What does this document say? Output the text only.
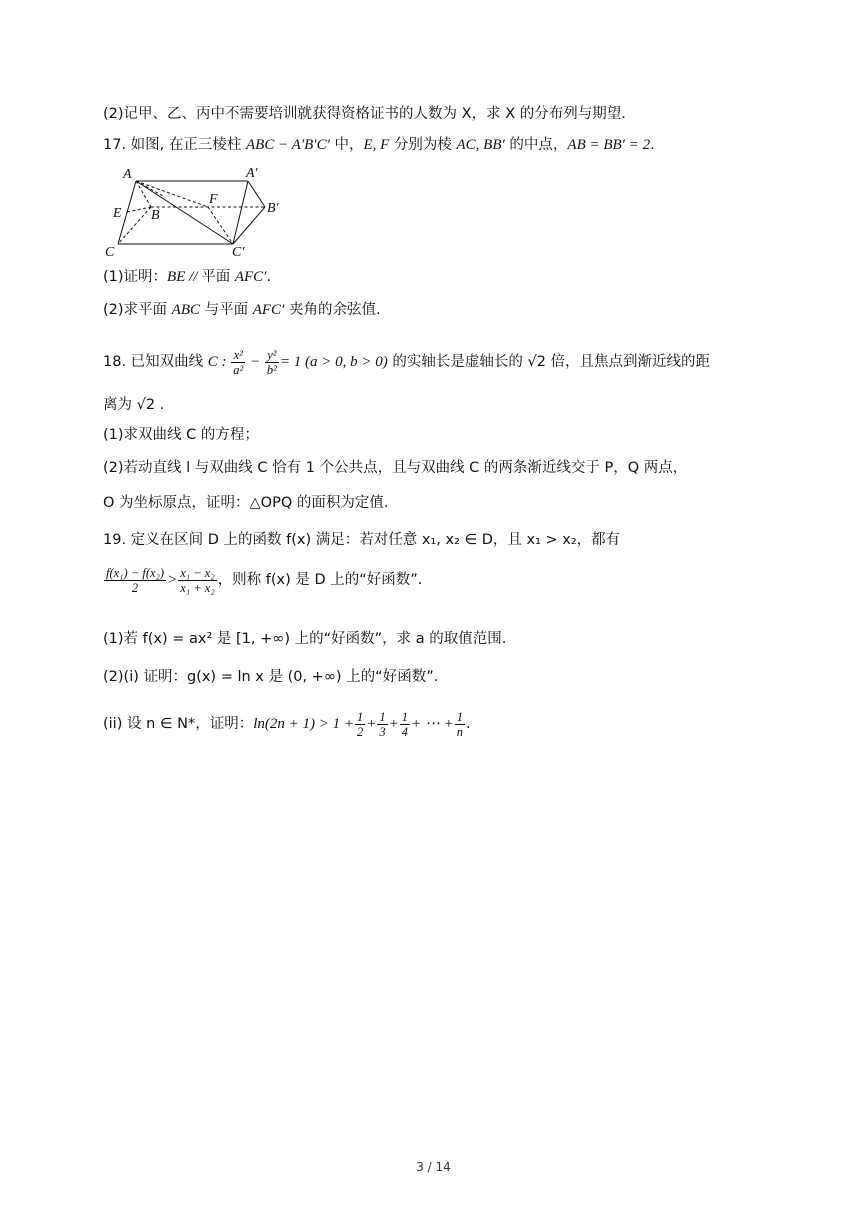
(2)记甲、乙、丙中不需要培训就获得资格证书的人数为 X，求 X 的分布列与期望.
17. 如图, 在正三棱柱 ABC − A′B′C′ 中，E, F 分别为棱 AC, BB′ 的中点，AB = BB′ = 2.
A	A′
E B
F
B′
C	C′
(1)证明：BE // 平面 AFC′.
(2)求平面 ABC 与平面 AFC′ 夹角的余弦值.
18. 已知双曲线 C : $\frac{\text{x²}}{\text{a²}} - \frac{\text{y²}}{\text{b²}} = 1$ (a > 0, b > 0) 的实轴长是虚轴长的 √2 倍，且焦点到渐近线的距
离为 √2 .
(1)求双曲线 C 的方程；
(2)若动直线 l 与双曲线 C 恰有 1 个公共点，且与双曲线 C 的两条渐近线交于 P，Q 两点，
O 为坐标原点，证明：△OPQ 的面积为定值.
19. 定义在区间 D 上的函数 f(x) 满足：若对任意 x₁, x₂ ∈ D，且 x₁ > x₂，都有
$\frac{\text{f(x₁) − f(x₂)}}{2} > \frac{\text{x₁ − x₂}}{\text{x₁ + x₂}}$ ，则称 f(x) 是 D 上的“好函数”.
(1)若 f(x) = ax² 是 [1, +∞) 上的“好函数”，求 a 的取值范围.
(2)(i) 证明：g(x) = ln x 是 (0, +∞) 上的“好函数”.
(ii) 设 n ∈ N*，证明：$\ln(2n + 1) > 1 + \frac{1}{2} + \frac{1}{3} + \frac{1}{4}$ + ⋯ + $\frac{1}{n}$ .
3 / 14
